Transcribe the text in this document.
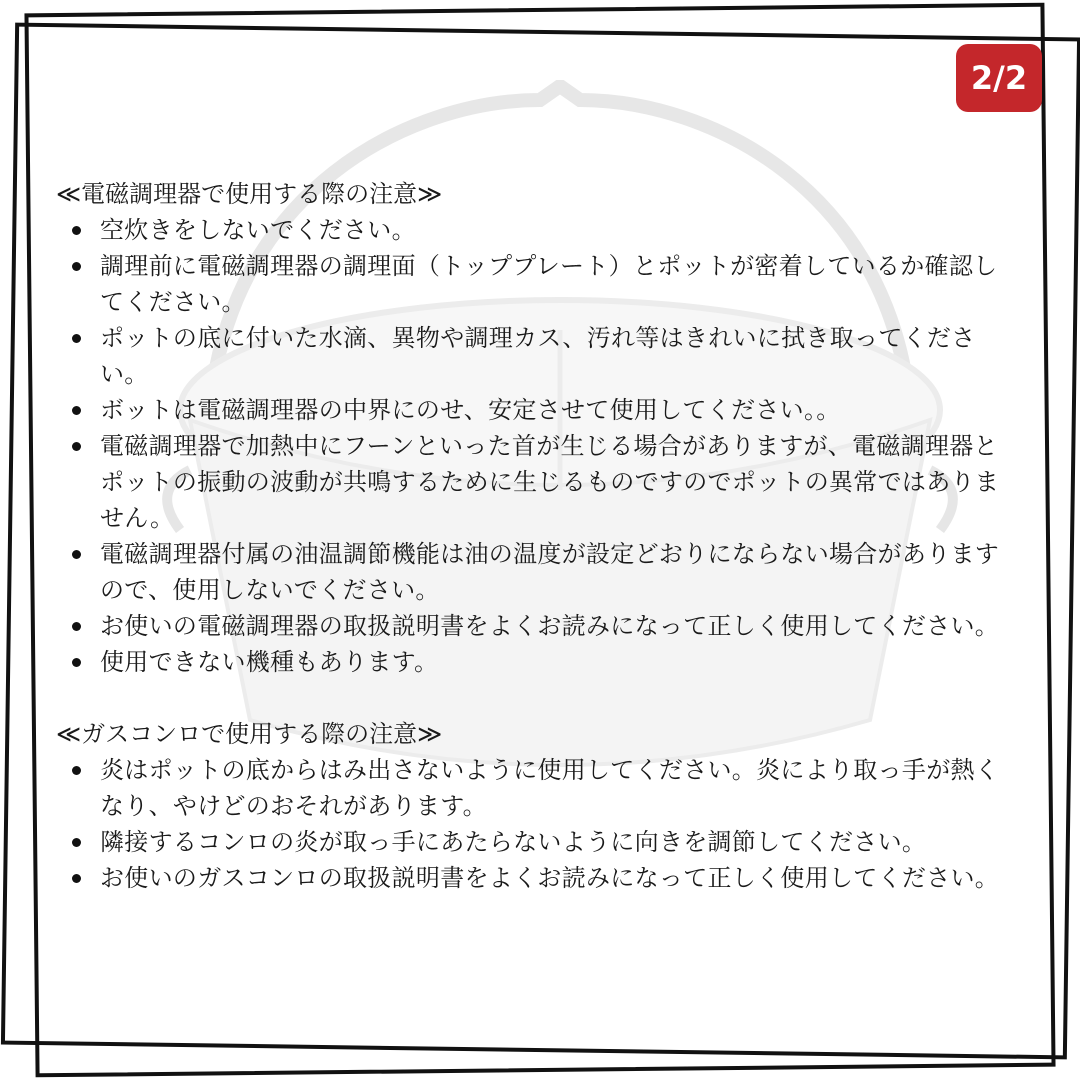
2/2
≪電磁調理器で使用する際の注意≫
空炊きをしないでください。
調理前に電磁調理器の調理面（トッププレート）とポットが密着しているか確認してください。
ポットの底に付いた水滴、異物や調理カス、汚れ等はきれいに拭き取ってください。
ボットは電磁調理器の中界にのせ、安定させて使用してください。。
電磁調理器で加熱中にフーンといった首が生じる場合がありますが、電磁調理器とポットの振動の波動が共鳴するために生じるものですのでポットの異常ではありません。
電磁調理器付属の油温調節機能は油の温度が設定どおりにならない場合がありますので、使用しないでください。
お使いの電磁調理器の取扱説明書をよくお読みになって正しく使用してください。
使用できない機種もあります。
≪ガスコンロで使用する際の注意≫
炎はポットの底からはみ出さないように使用してください。炎により取っ手が熱くなり、やけどのおそれがあります。
隣接するコンロの炎が取っ手にあたらないように向きを調節してください。
お使いのガスコンロの取扱説明書をよくお読みになって正しく使用してください。
